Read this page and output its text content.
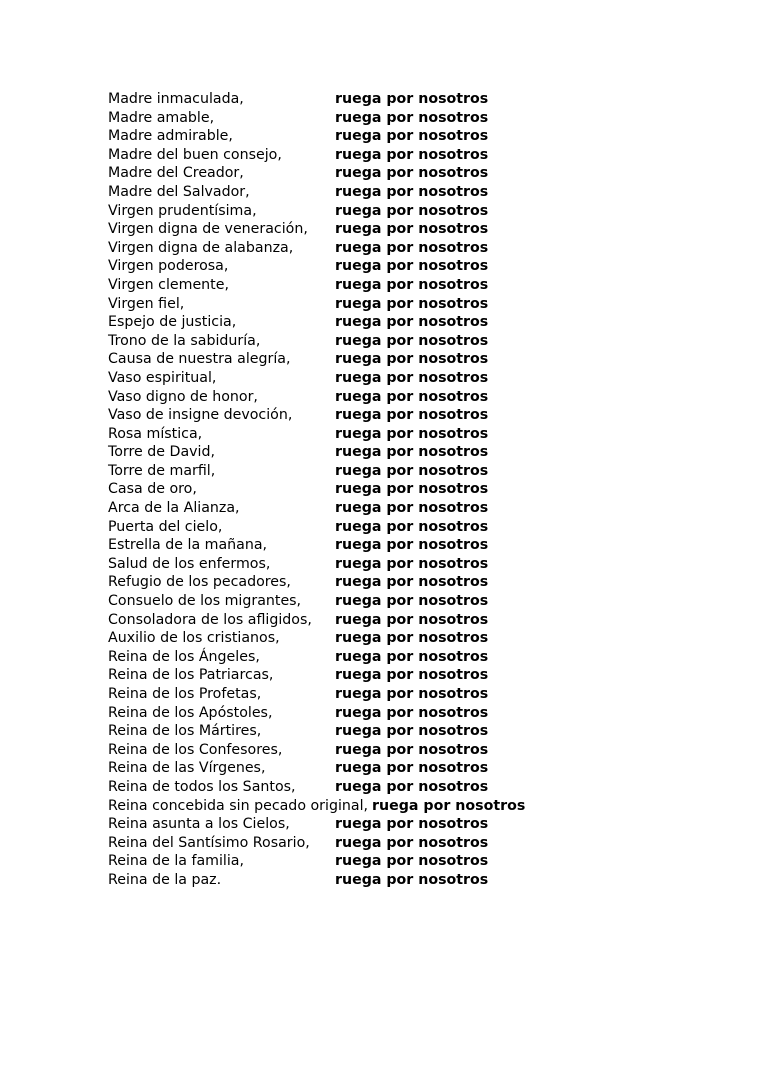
Madre inmaculada,	ruega por nosotros
Madre amable,	ruega por nosotros
Madre admirable,	ruega por nosotros
Madre del buen consejo,	ruega por nosotros
Madre del Creador,	ruega por nosotros
Madre del Salvador,	ruega por nosotros
Virgen prudentísima,	ruega por nosotros
Virgen digna de veneración, ruega por nosotros
Virgen digna de alabanza,	ruega por nosotros
Virgen poderosa,	ruega por nosotros
Virgen clemente,	ruega por nosotros
Virgen fiel,	ruega por nosotros
Espejo de justicia,	ruega por nosotros
Trono de la sabiduría,	ruega por nosotros
Causa de nuestra alegría,	ruega por nosotros
Vaso espiritual,	ruega por nosotros
Vaso digno de honor,	ruega por nosotros
Vaso de insigne devoción,	ruega por nosotros
Rosa mística,	ruega por nosotros
Torre de David,	ruega por nosotros
Torre de marfil,	ruega por nosotros
Casa de oro,	ruega por nosotros
Arca de la Alianza,	ruega por nosotros
Puerta del cielo,	ruega por nosotros
Estrella de la mañana,	ruega por nosotros
Salud de los enfermos,	ruega por nosotros
Refugio de los pecadores,	ruega por nosotros
Consuelo de los migrantes, ruega por nosotros
Consoladora de los afligidos, ruega por nosotros
Auxilio de los cristianos,	ruega por nosotros
Reina de los Ángeles,	ruega por nosotros
Reina de los Patriarcas,	ruega por nosotros
Reina de los Profetas,	ruega por nosotros
Reina de los Apóstoles,	ruega por nosotros
Reina de los Mártires,	ruega por nosotros
Reina de los Confesores,	ruega por nosotros
Reina de las Vírgenes,	ruega por nosotros
Reina de todos los Santos,	ruega por nosotros
Reina concebida sin pecado original, ruega por nosotros
Reina asunta a los Cielos,	ruega por nosotros
Reina del Santísimo Rosario, ruega por nosotros
Reina de la familia,	ruega por nosotros
Reina de la paz.	ruega por nosotros
